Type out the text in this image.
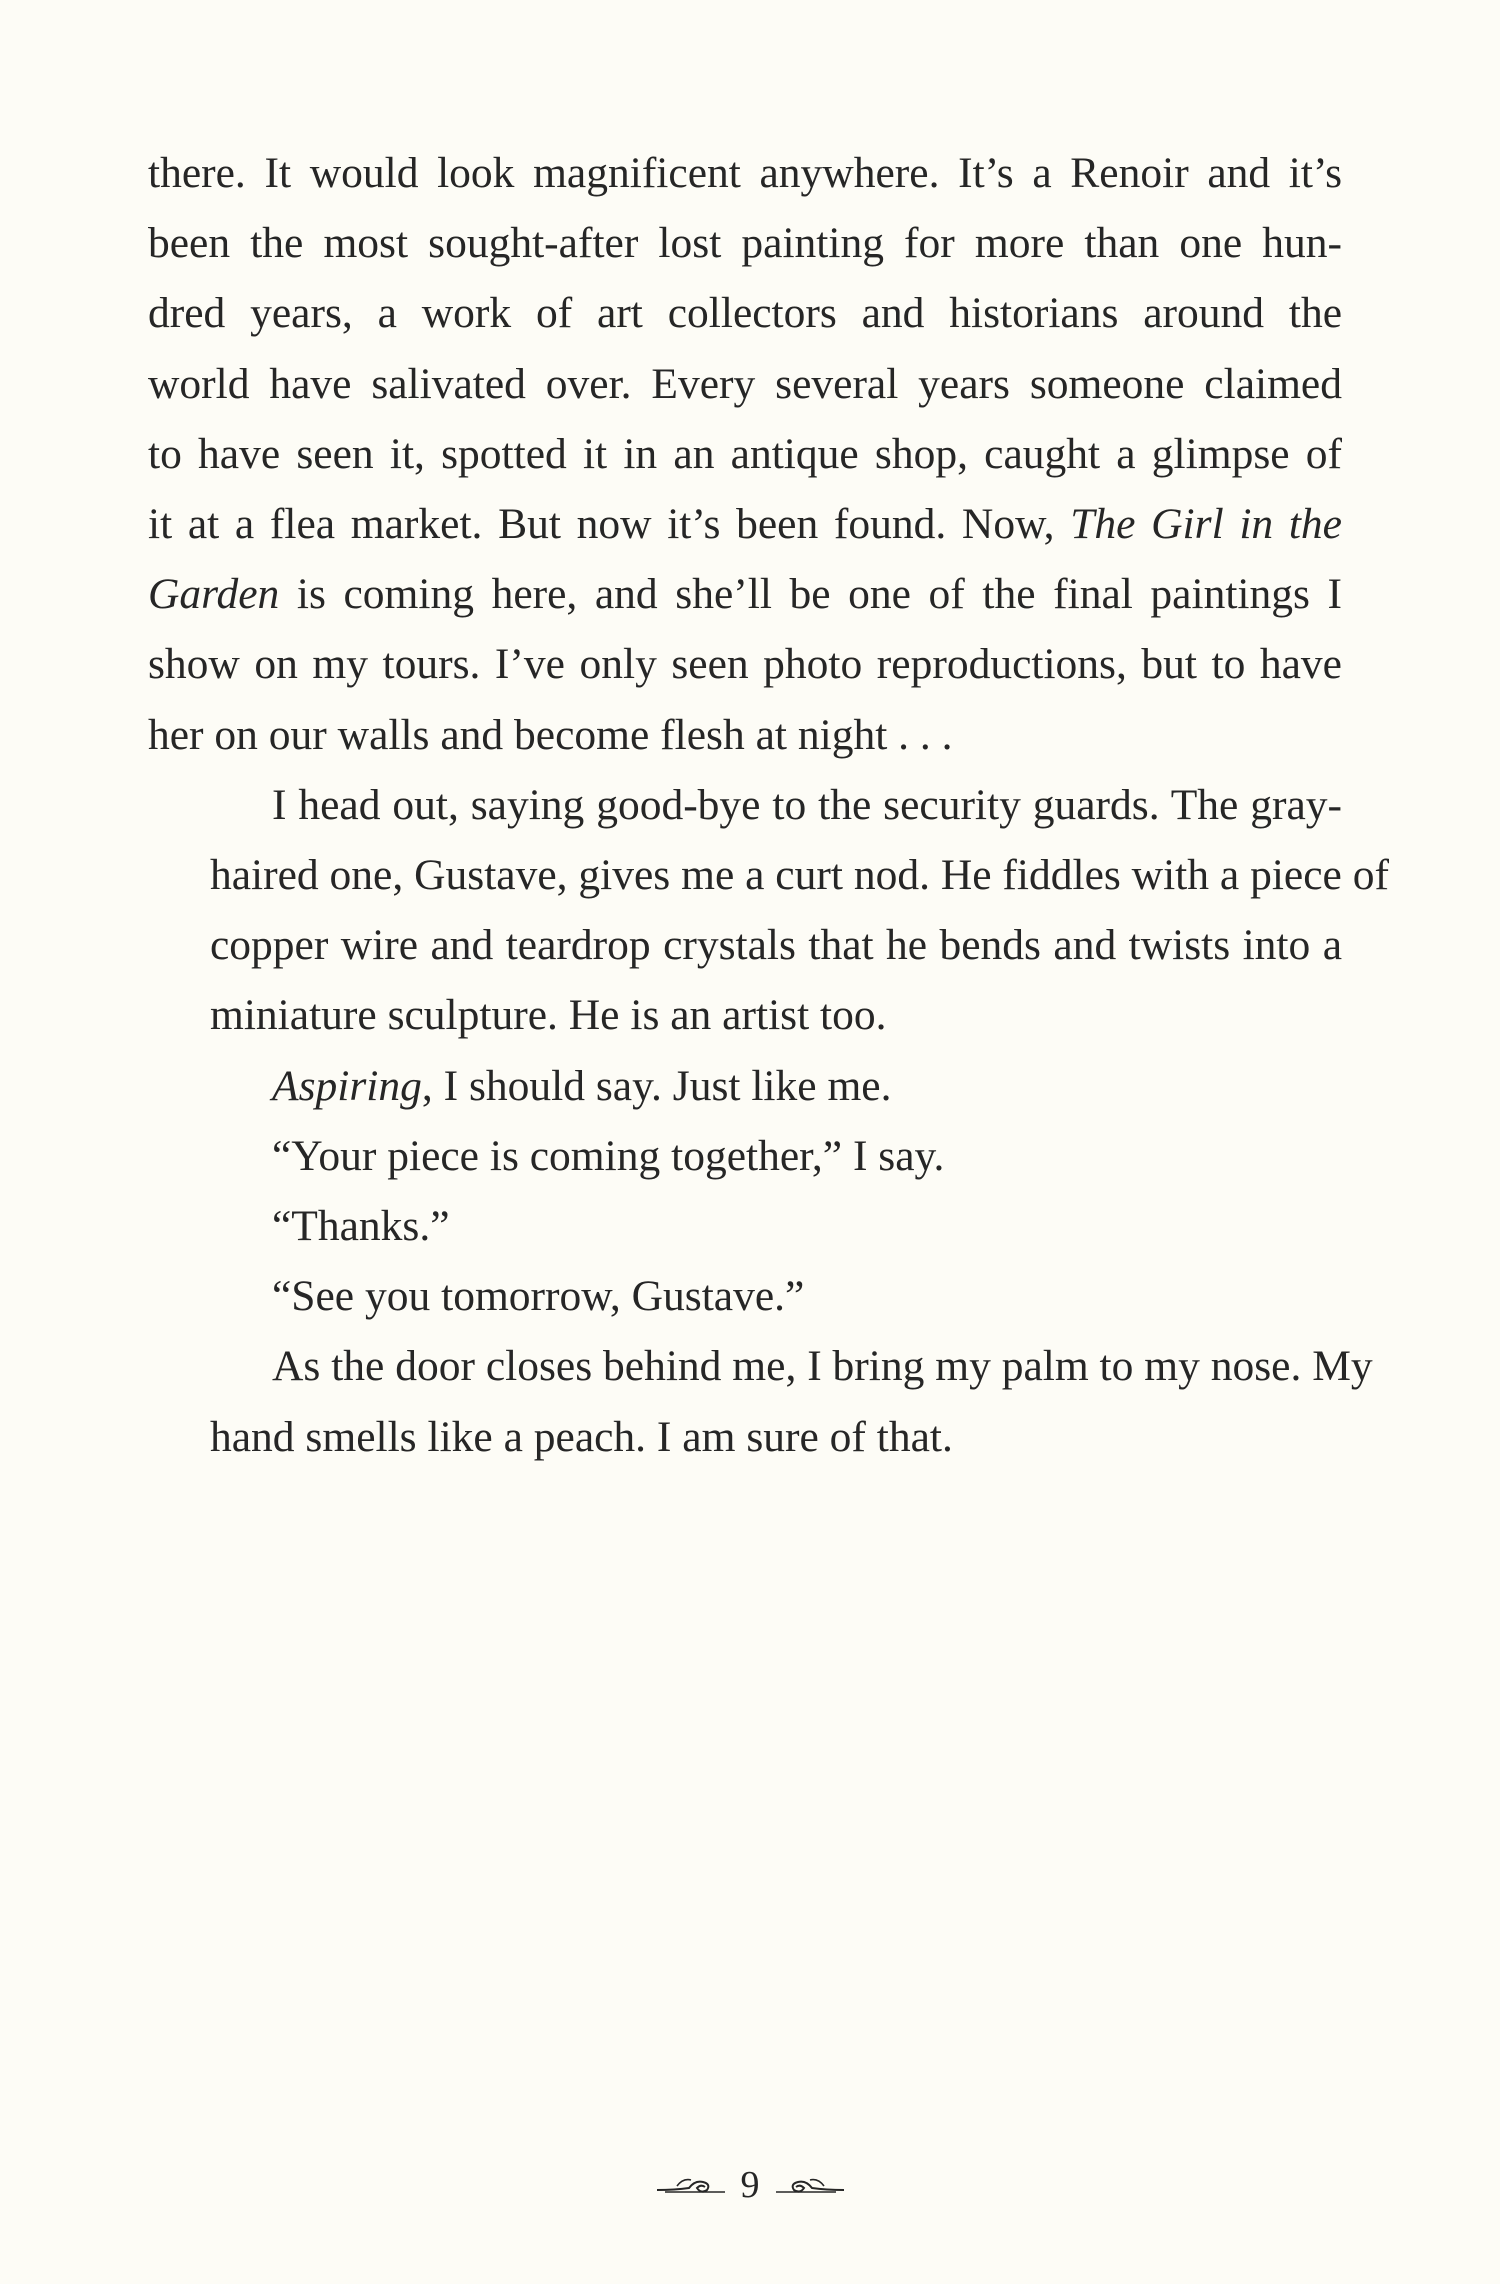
there. It would look magnificent anywhere. It’s a Renoir and it’s
been the most sought-after lost painting for more than one hun-
dred years, a work of art collectors and historians around the
world have salivated over. Every several years someone claimed
to have seen it, spotted it in an antique shop, caught a glimpse of
it at a flea market. But now it’s been found. Now, The Girl in the
Garden is coming here, and she’ll be one of the final paintings I
show on my tours. I’ve only seen photo reproductions, but to have
her on our walls and become flesh at night . . .
I head out, saying good-bye to the security guards. The gray-
haired one, Gustave, gives me a curt nod. He fiddles with a piece of
copper wire and teardrop crystals that he bends and twists into a
miniature sculpture. He is an artist too.
Aspiring, I should say. Just like me.
“Your piece is coming together,” I say.
“Thanks.”
“See you tomorrow, Gustave.”
As the door closes behind me, I bring my palm to my nose. My
hand smells like a peach. I am sure of that.
9
